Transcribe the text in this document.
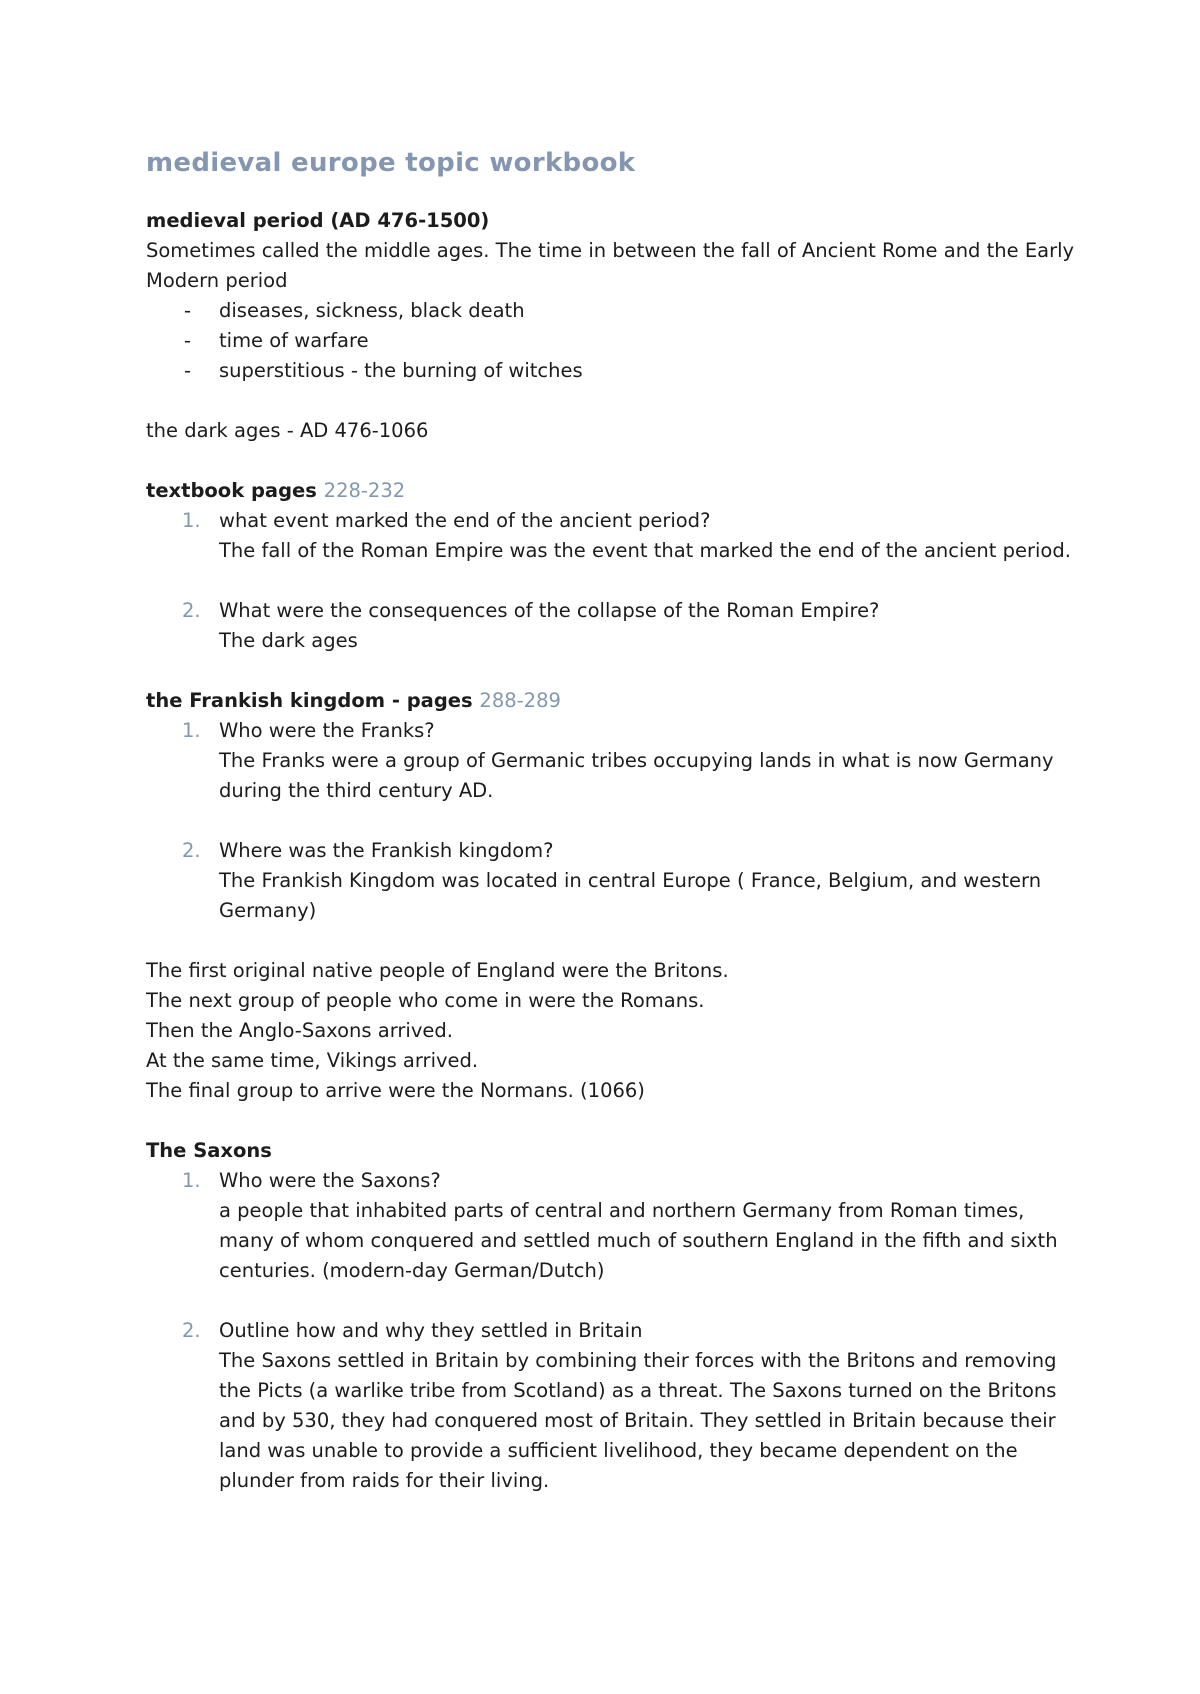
medieval europe topic workbook
medieval period (AD 476-1500)
Sometimes called the middle ages. The time in between the fall of Ancient Rome and the Early Modern period
- diseases, sickness, black death
- time of warfare
- superstitious - the burning of witches
the dark ages - AD 476-1066
textbook pages 228-232
1. what event marked the end of the ancient period?
The fall of the Roman Empire was the event that marked the end of the ancient period.
2. What were the consequences of the collapse of the Roman Empire?
The dark ages
the Frankish kingdom - pages 288-289
1. Who were the Franks?
The Franks were a group of Germanic tribes occupying lands in what is now Germany during the third century AD.
2. Where was the Frankish kingdom?
The Frankish Kingdom was located in central Europe ( France, Belgium, and western Germany)
The first original native people of England were the Britons.
The next group of people who come in were the Romans.
Then the Anglo-Saxons arrived.
At the same time, Vikings arrived.
The final group to arrive were the Normans. (1066)
The Saxons
1. Who were the Saxons?
a people that inhabited parts of central and northern Germany from Roman times, many of whom conquered and settled much of southern England in the fifth and sixth centuries. (modern-day German/Dutch)
2. Outline how and why they settled in Britain
The Saxons settled in Britain by combining their forces with the Britons and removing the Picts (a warlike tribe from Scotland) as a threat. The Saxons turned on the Britons and by 530, they had conquered most of Britain. They settled in Britain because their land was unable to provide a sufficient livelihood, they became dependent on the plunder from raids for their living.
